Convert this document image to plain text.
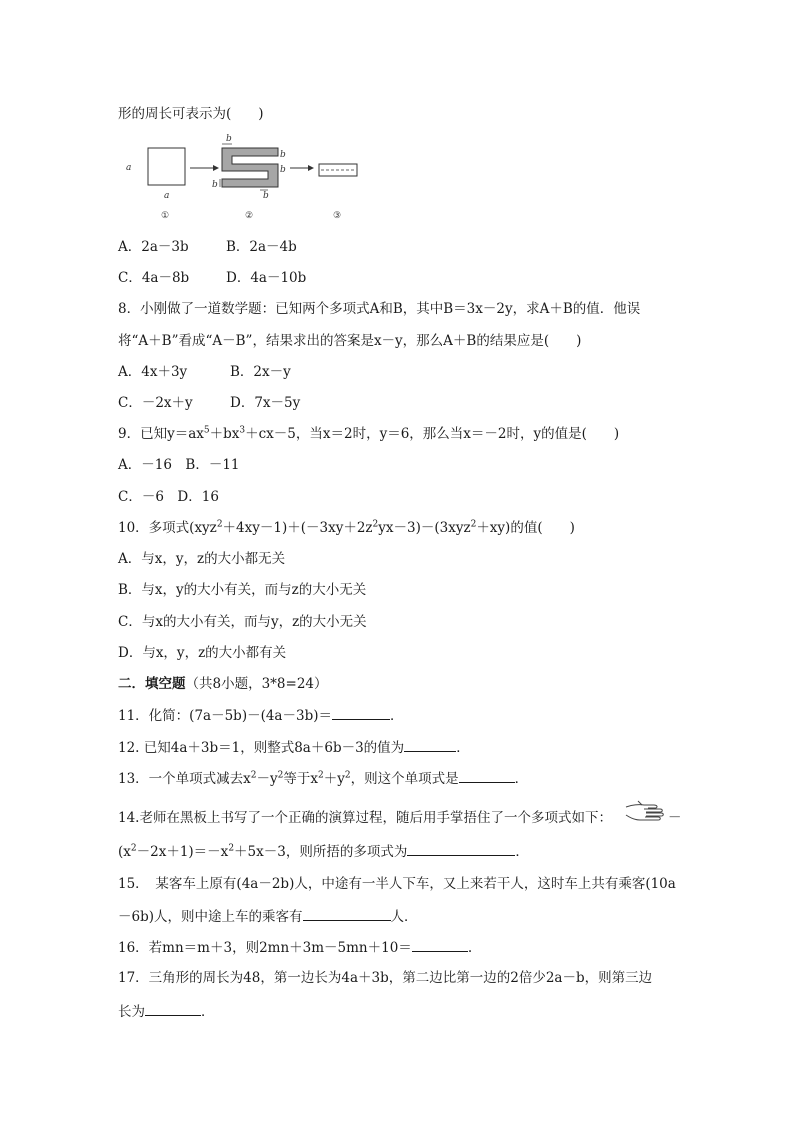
形的周长可表示为(　　)
a
a
①
b
b
b
b
b
②	③
A．2a－3b	B．2a－4b
C．4a－8b	D．4a－10b
8．小刚做了一道数学题：已知两个多项式A和B，其中B＝3x－2y，求A＋B的值．他误
将“A＋B”看成“A－B”，结果求出的答案是x－y，那么A＋B的结果应是(　　)
A．4x＋3y	B．2x－y
C．－2x＋y	D．7x－5y
9．已知$y=ax^5+bx^3+cx-5$，当x＝2时，y＝6，那么当x＝－2时，y的值是(　　)
A．－16　B．－11
C．－6　D．16
10．多项式$(xyz^2+4xy-1)+(-3xy+2z^2yx-3)-(3xyz^2+xy)$的值(　　)
A．与x，y，z的大小都无关
B．与x，y的大小有关，而与z的大小无关
C．与x的大小有关，而与y，z的大小无关
D．与x，y，z的大小都有关
二．填空题（共8小题，3*8=24）
11．化简：(7a－5b)－(4a－3b)＝	．
12. 已知4a＋3b＝1，则整式8a＋6b－3的值为	．
13．一个单项式减去$x^2-y^2$等于$x^2+y^2$，则这个单项式是	．
14.老师在黑板上书写了一个正确的演算过程，随后用手掌捂住了一个多项式如下：	－
$(x^2-2x+1)=-x^2+5x-3$，则所捂的多项式为	．
15．　某客车上原有(4a－2b)人，中途有一半人下车，又上来若干人，这时车上共有乘客(10a
－6b)人，则中途上车的乘客有	人．
16．若mn＝m＋3，则2mn＋3m－5mn＋10＝	.
17．三角形的周长为48，第一边长为4a＋3b，第二边比第一边的2倍少2a－b，则第三边
长为	．
